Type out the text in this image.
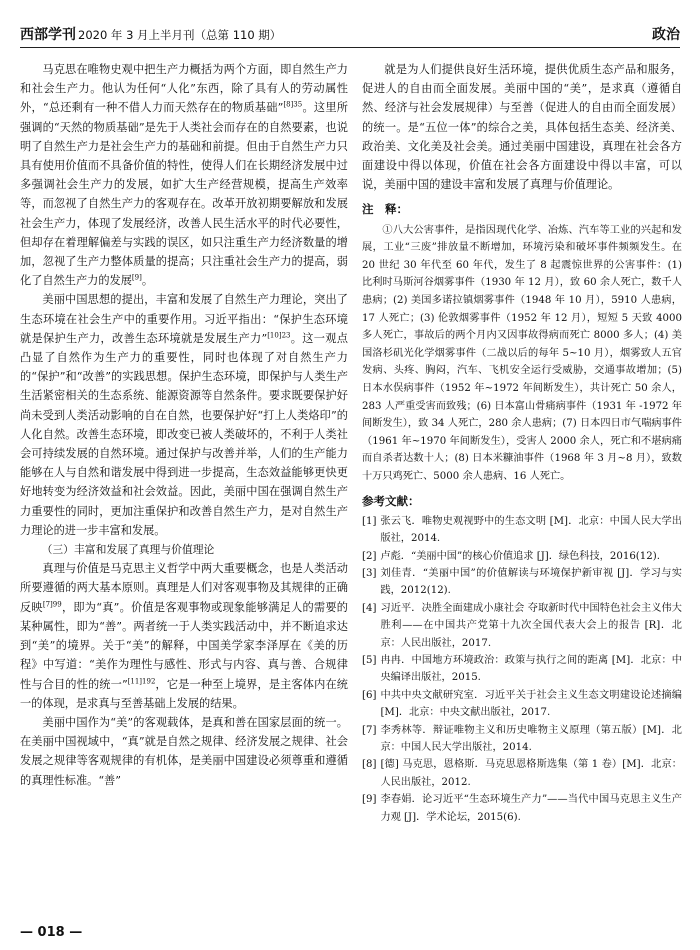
西部学刊 2020 年 3 月上半月刊（总第 110 期）	政治

马克思在唯物史观中把生产力概括为两个方面，即自然生产力和社会生产力。他认为任何“人化”东西，除了具有人的劳动属性外，“总还剩有一种不借人力而天然存在的物质基础”$^{[8]35}$。这里所强调的“天然的物质基础”是先于人类社会而存在的自然要素，也说明了自然生产力是社会生产力的基础和前提。但由于自然生产力只具有使用价值而不具备价值的特性，使得人们在长期经济发展中过多强调社会生产力的发展，如扩大生产经营规模，提高生产效率等，而忽视了自然生产力的客观存在。改革开放初期要解放和发展社会生产力，体现了发展经济，改善人民生活水平的时代必要性，但却存在着理解偏差与实践的误区，如只注重生产力经济数量的增加，忽视了生产力整体质量的提高；只注重社会生产力的提高，弱化了自然生产力的发展[9]。

美丽中国思想的提出，丰富和发展了自然生产力理论，突出了生态环境在社会生产中的重要作用。习近平指出：“保护生态环境就是保护生产力，改善生态环境就是发展生产力”$^{[10]23}$。这一观点凸显了自然作为生产力的重要性，同时也体现了对自然生产力的“保护”和“改善”的实践思想。保护生态环境，即保护与人类生产生活紧密相关的生态系统、能源资源等自然条件。要求既要保护好尚未受到人类活动影响的自在自然，也要保护好“打上人类烙印”的人化自然。改善生态环境，即改变已被人类破坏的，不利于人类社会可持续发展的自然环境。通过保护与改善并举，人们的生产能力能够在人与自然和谐发展中得到进一步提高，生态效益能够更快更好地转变为经济效益和社会效益。因此，美丽中国在强调自然生产力重要性的同时，更加注重保护和改善自然生产力，是对自然生产力理论的进一步丰富和发展。

（三）丰富和发展了真理与价值理论

真理与价值是马克思主义哲学中两大重要概念，也是人类活动所要遵循的两大基本原则。真理是人们对客观事物及其规律的正确反映$^{[7]99}$，即为“真”。价值是客观事物或现象能够满足人的需要的某种属性，即为“善”。两者统一于人类实践活动中，并不断追求达到“美”的境界。关于“美”的解释，中国美学家李泽厚在《美的历程》中写道：“美作为理性与感性、形式与内容、真与善、合规律性与合目的性的统一”$^{[11]192}$，它是一种至上境界，是主客体内在统一的体现，是求真与至善基础上发展的结果。

美丽中国作为“美”的客观载体，是真和善在国家层面的统一。在美丽中国视域中，“真”就是自然之规律、经济发展之规律、社会发展之规律等客观规律的有机体，是美丽中国建设必须尊重和遵循的真理性标准。“善”

就是为人们提供良好生活环境，提供优质生态产品和服务，促进人的自由而全面发展。美丽中国的“美”，是求真（遵循自然、经济与社会发展规律）与至善（促进人的自由而全面发展）的统一。是“五位一体”的综合之美，具体包括生态美、经济美、政治美、文化美及社会美。通过美丽中国建设，真理在社会各方面建设中得以体现，价值在社会各方面建设中得以丰富，可以说，美丽中国的建设丰富和发展了真理与价值理论。

注　释：

①八大公害事件，是指因现代化学、冶炼、汽车等工业的兴起和发展，工业“三废”排放量不断增加，环境污染和破坏事件频频发生。在 20 世纪 30 年代至 60 年代，发生了 8 起震惊世界的公害事件：(1) 比利时马斯河谷烟雾事件（1930 年 12 月），致 60 余人死亡，数千人患病；(2) 美国多诺拉镇烟雾事件（1948 年 10 月），5910 人患病，17 人死亡；(3) 伦敦烟雾事件（1952 年 12 月），短短 5 天致 4000 多人死亡，事故后的两个月内又因事故得病而死亡 8000 多人；(4) 美国洛杉矶光化学烟雾事件（二战以后的每年 5~10 月），烟雾致人五官发病、头疼、胸闷，汽车、飞机安全运行受威胁，交通事故增加；(5) 日本水俣病事件（1952 年~1972 年间断发生），共计死亡 50 余人，283 人严重受害而致残；(6) 日本富山骨痛病事件（1931 年 -1972 年间断发生），致 34 人死亡，280 余人患病；(7) 日本四日市气喘病事件（1961 年~1970 年间断发生），受害人 2000 余人，死亡和不堪病痛而自杀者达数十人；(8) 日本米糠油事件（1968 年 3 月~8 月），致数十万只鸡死亡、5000 余人患病、16 人死亡。

参考文献：
[1] 张云飞．唯物史观视野中的生态文明 [M]．北京：中国人民大学出版社，2014.
[2] 卢彪．“美丽中国”的核心价值追求 [J]．绿色科技，2016(12).
[3] 刘佳青．“美丽中国”的价值解读与环境保护新审视 [J]．学习与实践，2012(12).
[4] 习近平．决胜全面建成小康社会 夺取新时代中国特色社会主义伟大胜利——在中国共产党第十九次全国代表大会上的报告 [R]．北京：人民出版社，2017.
[5] 冉冉．中国地方环境政治：政策与执行之间的距离 [M]．北京：中央编译出版社，2015.
[6] 中共中央文献研究室．习近平关于社会主义生态文明建设论述摘编 [M]．北京：中央文献出版社，2017.
[7] 李秀林等．辩证唯物主义和历史唯物主义原理（第五版）[M]．北京：中国人民大学出版社，2014.
[8] [德] 马克思，恩格斯．马克思恩格斯选集（第 1 卷）[M]．北京：人民出版社，2012.
[9] 李春娟．论习近平“生态环境生产力”——当代中国马克思主义生产力观 [J]．学术论坛，2015(6).
— 018 —
